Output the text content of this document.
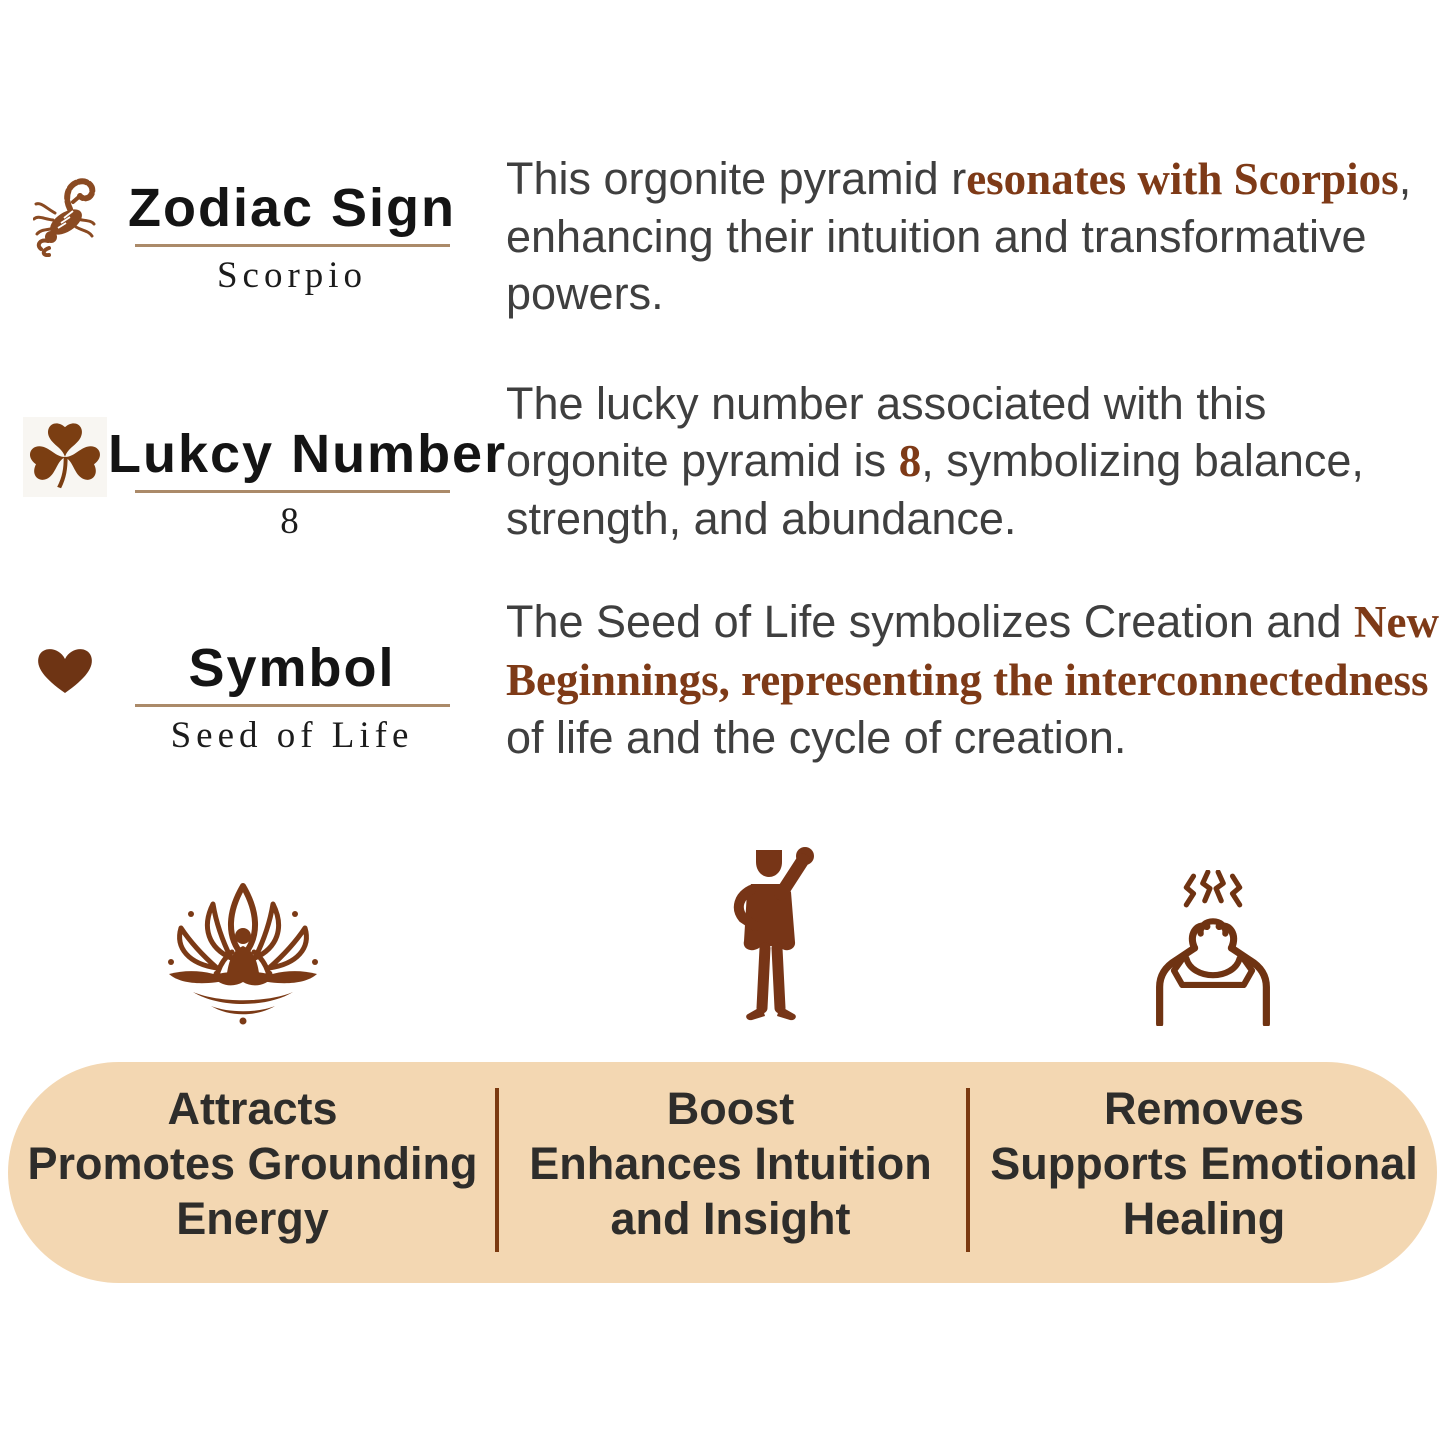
Zodiac Sign
Scorpio

This orgonite pyramid resonates with Scorpios, enhancing their intuition and transformative powers.

Lukcy Number
8

The lucky number associated with this orgonite pyramid is 8, symbolizing balance, strength, and abundance.

Symbol
Seed of Life

The Seed of Life symbolizes Creation and New Beginnings, representing the interconnectedness of life and the cycle of creation.

Attracts
Promotes Grounding Energy
Boost
Enhances Intuition and Insight
Removes
Supports Emotional Healing
